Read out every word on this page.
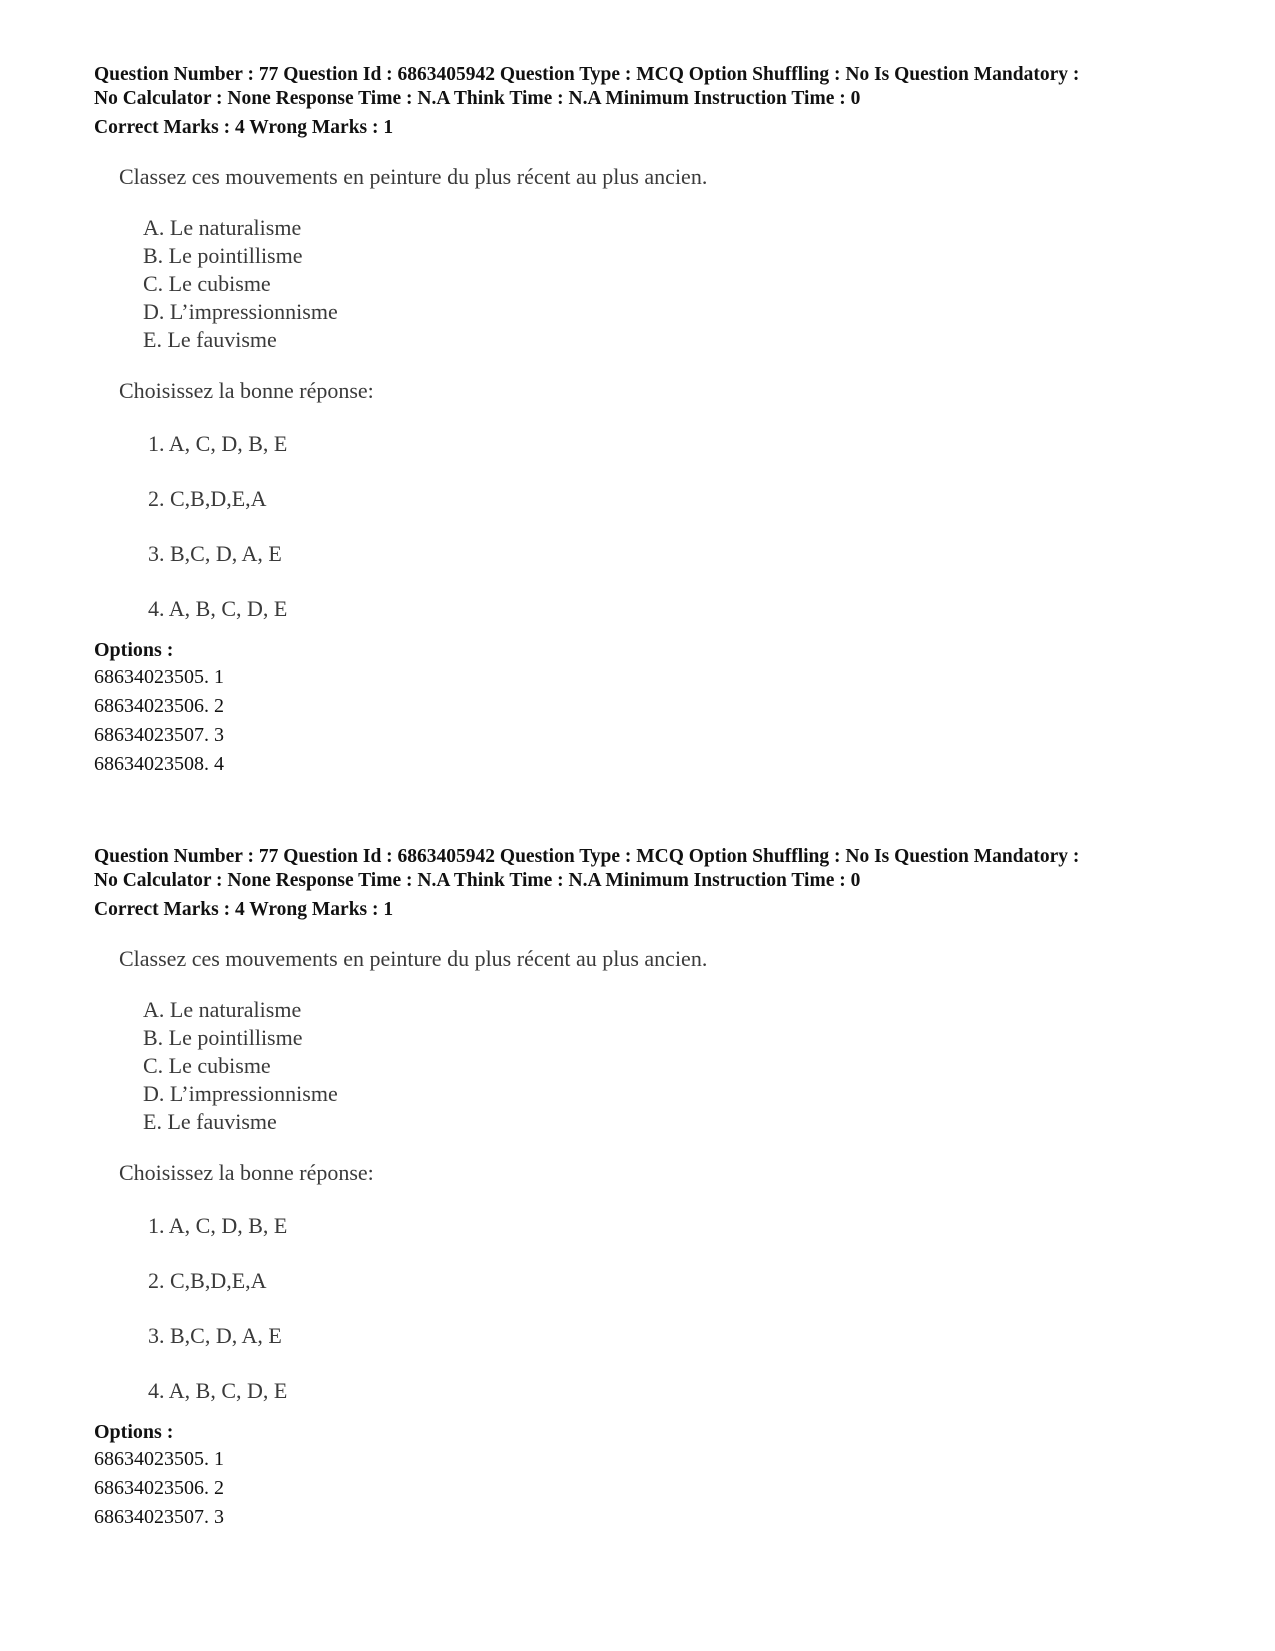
Question Number : 77 Question Id : 6863405942 Question Type : MCQ Option Shuffling : No Is Question Mandatory :
No Calculator : None Response Time : N.A Think Time : N.A Minimum Instruction Time : 0
Correct Marks : 4 Wrong Marks : 1
Classez ces mouvements en peinture du plus récent au plus ancien.
A. Le naturalisme
B. Le pointillisme
C. Le cubisme
D. L’impressionnisme
E. Le fauvisme
Choisissez la bonne réponse:
1. A, C, D, B, E
2. C,B,D,E,A
3. B,C, D, A, E
4. A, B, C, D, E
Options :
68634023505. 1
68634023506. 2
68634023507. 3
68634023508. 4
Question Number : 77 Question Id : 6863405942 Question Type : MCQ Option Shuffling : No Is Question Mandatory :
No Calculator : None Response Time : N.A Think Time : N.A Minimum Instruction Time : 0
Correct Marks : 4 Wrong Marks : 1
Classez ces mouvements en peinture du plus récent au plus ancien.
A. Le naturalisme
B. Le pointillisme
C. Le cubisme
D. L’impressionnisme
E. Le fauvisme
Choisissez la bonne réponse:
1. A, C, D, B, E
2. C,B,D,E,A
3. B,C, D, A, E
4. A, B, C, D, E
Options :
68634023505. 1
68634023506. 2
68634023507. 3
